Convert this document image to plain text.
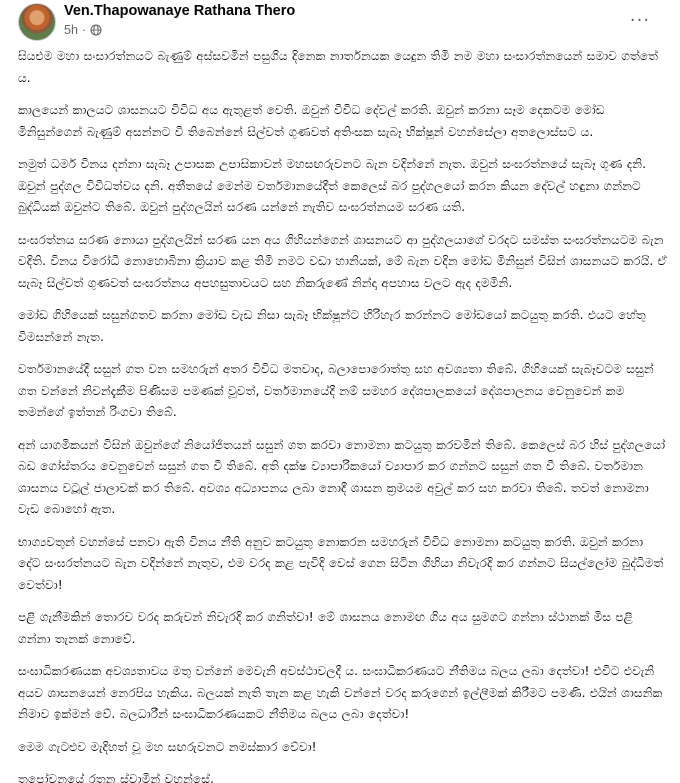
Ven.Thapowanaye Rathana Thero
5h ·	···

සියළුම මහා සංසාරත්නයට බැණුම් අස්සවමින් පසුගිය දිනෙක නාර්තනයක යෙදුන තිමි නම මහා සංසාරත්නයෙන් සමාව ගත්තේ ය.

කාලයෙන් කාලයට ශාසනයට විවිධ අය ඇතුළත් වෙති. ඔවුන් විවිධ දේවල් කරති. ඔවුන් කරනා සෑම දෙකටම මෝඩ මිනිසුන්ගෙන් බැණුම් අසන්නට වී තිබෙන්නේ සිල්වත් ගුණවත් අතිංසක සැබෑ භික්ෂූන් වහන්සේලා අතලොස්සට ය.

නමුත් ධර්ම විනය දන්නා සැබෑ උපාසක උපාසිකාවන් මහසඟරුවනට බැන වදින්නේ නැත. ඔවුන් සංඝරත්නයේ සැබෑ ගුණ දනි. ඔවුන් පුද්ගල විවිධත්වය දනි. අතීතයේ මෙන්ම වර්තමානයේදීත් කෙලෙස් බර පුද්ගලයෝ කරන කියන දේවල් හඳුනා ගන්නට බුද්ධියක් ඔවුන්ට තිබේ. ඔවුන් පුද්ගලයින් සරණ යන්නේ නැතිව සංඝරත්නයම සරණ යති.

සංඝරත්නය සරණ නොයා පුද්ගලයින් සරණ යන අය ගිහියන්ගෙන් ශාසනයට ආ පුද්ගලයාගේ වරදට සමස්ත සංඝරත්නයටම බැන වදිති. විනය විරෝධී නොහොබිනා ක්‍රියාව කළ තිමි නමට වඩා හානියක්, මේ බැන වදින මෝඩ මිනිසුන් විසින් ශාසනයට කරයි. ඒ සැබෑ සිල්වත් ගුණවත් සංඝරත්නය අපහසුතාවයට සහ නිකරුණේ නින්දා අපහාස වලට ඇද දමමිනි.

මෝඩ ගිහියෙක් සසුන්ගතව කරනා මෝඩ වැඩ නිසා සැබෑ භික්ෂූන්ට හිරිහැර කරන්නට මෝඩයෝ කටයුතු කරති. එයට හේතු විමසන්නේ නැත.

වර්තමානයේදී සසුන් ගත වන සමහරුන් අතර විවිධ මතවාද, බලාපොරොත්තු සහ අවශ්‍යතා තිබේ. ගිහියෙක් සැබෑවටම සසුන් ගත වන්නේ නිවන්දැකීම පිණිසම පමණක් වූවත්, වර්තමානයේදී නම් සමහර දේශපාලකයෝ දේශපාලනය වෙනුවෙන් කම තමන්ගේ ඉත්තන් රිංගවා තිබේ.

අන් යාගමිකයන් විසින් ඔවුන්ගේ නියෝජිතයන් සසුන් ගත කරවා නොමනා කටයුතු කරවමින් තිබේ. කෙලෙස් බර හිස් පුද්ගලයෝ බඩ ගෝස්තරය වෙනුවෙන් සසුන් ගත වී තිබේ. අති දක්ෂ ව්‍යාපාරිකයෝ ව්‍යාපාර කර ගන්නට සසුන් ගත වී තිබේ. වර්තමාන ශාසනය වටූල් ජාලාවක් කර තිබේ. අවශ්‍ය අධ්‍යාපනය ලබා නොදී ශාසන ක්‍රමයම අවුල් කර සහ කරවා තිබේ. තවත් නොමනා වැඩ බොහෝ ඇත.

භාග්‍යවතුන් වහන්සේ පනවා ඇති විනය නීති අනුව කටයුතු නොකරන සමහරුන් විවිධ නොමනා කටයුතු කරති. ඔවුන් කරනා දේට සංඝරත්නයට බැන වදින්නේ නැතුව, එම වරද කළ පැවිදි වෙස් ගෙන සිටින ගිහියා නිවැරදි කර ගන්නට සියල්ලෝම බුද්ධිමත් වෙත්වා!

පළි ගැනීමකින් තොරව වරද කරුවන් නිවැරදි කර ගනිත්වා! මේ ශාසනය නොමඟ ගිය අය සුමගට ගන්නා ස්ථානක් මිස පළි ගන්නා තැනක් නොවේ.

සංඝාධිකරණයක අවශ්‍යතාවය මතු වන්නේ මෙවැනි අවස්ථාවලදී ය. සංඝාධිකරණයට නීතිමය බලය ලබා දෙත්වා! එවිට එවැනි අයව ශාසනයෙන් නෙරපිය හැකිය. බලයක් නැති තැන කළ හැකි වන්නේ වරද කරුගෙන් ඉල්ලීමක් කිරීමට පමණි. එයින් ශාසනික නිමාව ඉක්මන් වේ. බලධාරීන් සංඝාධිකරණයකට නීතිමය බලය ලබා දෙත්වා!

මෙම ගැටළුව මැදිහත් වූ මහ සඟරුවනට නමස්කාර වේවා!

තපෝවනයේ රතන ස්වාමීන් වහන්සේ.
